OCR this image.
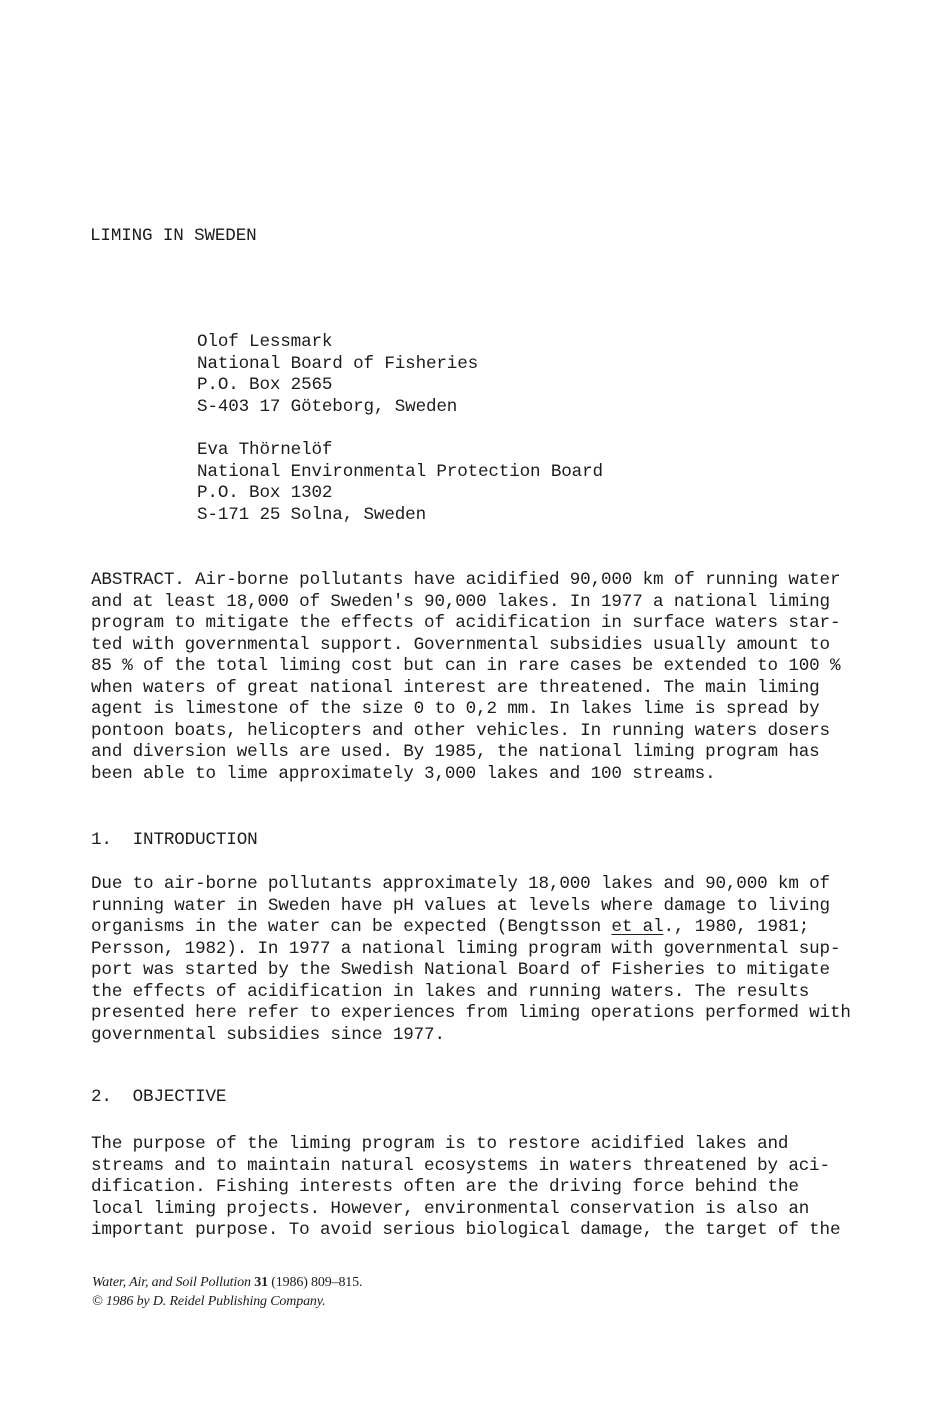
LIMING IN SWEDEN
Olof Lessmark
National Board of Fisheries
P.O. Box 2565
S-403 17 Göteborg, Sweden
Eva Thörnelöf
National Environmental Protection Board
P.O. Box 1302
S-171 25 Solna, Sweden
ABSTRACT. Air-borne pollutants have acidified 90,000 km of running water
and at least 18,000 of Sweden's 90,000 lakes. In 1977 a national liming
program to mitigate the effects of acidification in surface waters star-
ted with governmental support. Governmental subsidies usually amount to
85 % of the total liming cost but can in rare cases be extended to 100 %
when waters of great national interest are threatened. The main liming
agent is limestone of the size 0 to 0,2 mm. In lakes lime is spread by
pontoon boats, helicopters and other vehicles. In running waters dosers
and diversion wells are used. By 1985, the national liming program has
been able to lime approximately 3,000 lakes and 100 streams.
1.  INTRODUCTION
Due to air-borne pollutants approximately 18,000 lakes and 90,000 km of
running water in Sweden have pH values at levels where damage to living
organisms in the water can be expected (Bengtsson et al., 1980, 1981;
Persson, 1982). In 1977 a national liming program with governmental sup-
port was started by the Swedish National Board of Fisheries to mitigate
the effects of acidification in lakes and running waters. The results
presented here refer to experiences from liming operations performed with
governmental subsidies since 1977.
2.  OBJECTIVE
The purpose of the liming program is to restore acidified lakes and
streams and to maintain natural ecosystems in waters threatened by aci-
dification. Fishing interests often are the driving force behind the
local liming projects. However, environmental conservation is also an
important purpose. To avoid serious biological damage, the target of the
Water, Air, and Soil Pollution 31 (1986) 809–815.
© 1986 by D. Reidel Publishing Company.
